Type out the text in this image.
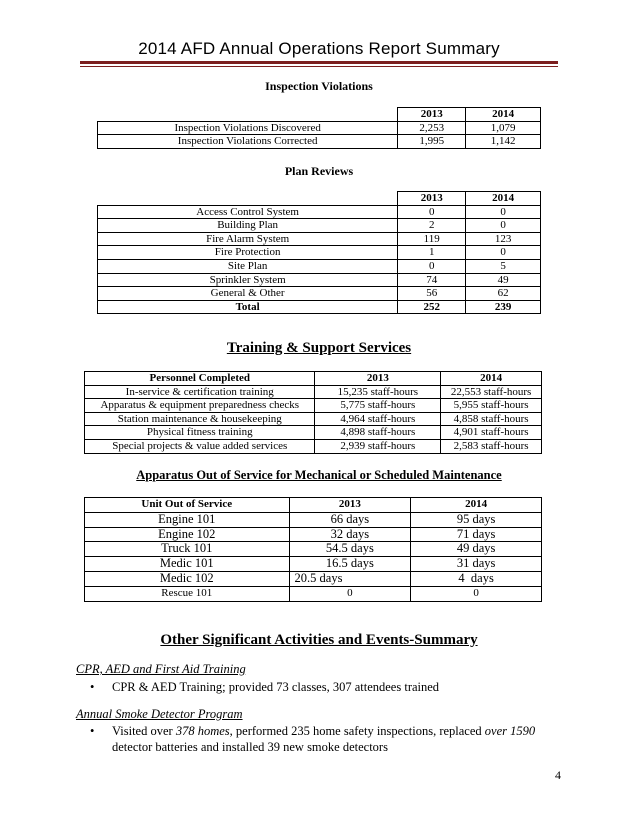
2014 AFD Annual Operations Report Summary
Inspection Violations
	2013	2014
Inspection Violations Discovered	2,253	1,079
Inspection Violations Corrected	1,995	1,142
Plan Reviews
	2013	2014
Access Control System	0	0
Building Plan	2	0
Fire Alarm System	119	123
Fire Protection	1	0
Site Plan	0	5
Sprinkler System	74	49
General & Other	56	62
Total	252	239
Training & Support Services
Personnel Completed	2013	2014
In-service & certification training	15,235 staff-hours	22,553 staff-hours
Apparatus & equipment preparedness checks	5,775 staff-hours	5,955 staff-hours
Station maintenance & housekeeping	4,964 staff-hours	4,858 staff-hours
Physical fitness training	4,898 staff-hours	4,901 staff-hours
Special projects & value added services	2,939 staff-hours	2,583 staff-hours
Apparatus Out of Service for Mechanical or Scheduled Maintenance
Unit Out of Service	2013	2014
Engine 101	66 days	95 days
Engine 102	32 days	71 days
Truck 101	54.5 days	49 days
Medic 101	16.5 days	31 days
Medic 102	20.5 days	4  days
Rescue 101	0	0
Other Significant Activities and Events-Summary
CPR, AED and First Aid Training
• CPR & AED Training; provided 73 classes, 307 attendees trained
Annual Smoke Detector Program
• Visited over 378 homes, performed 235 home safety inspections, replaced over 1590
detector batteries and installed 39 new smoke detectors
4
